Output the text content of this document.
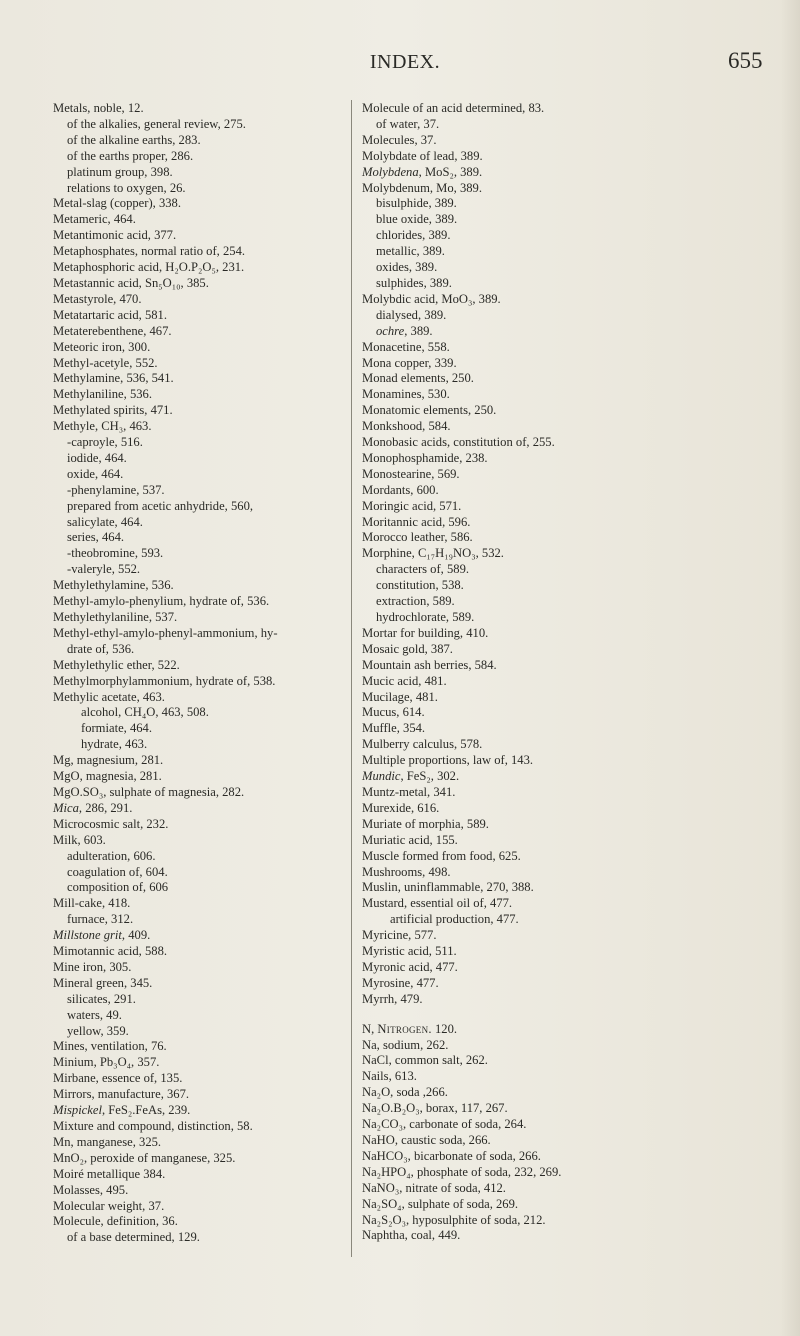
INDEX.	655
Metals, noble, 12.
of the alkalies, general review, 275.
of the alkaline earths, 283.
of the earths proper, 286.
platinum group, 398.
relations to oxygen, 26.
Metal-slag (copper), 338.
Metameric, 464.
Metantimonic acid, 377.
Metaphosphates, normal ratio of, 254.
Metaphosphoric acid, H₂O.P₂O₅, 231.
Metastannic acid, Sn₅O₁₀, 385.
Metastyrole, 470.
Metatartaric acid, 581.
Metaterebenthene, 467.
Meteoric iron, 300.
Methyl-acetyle, 552.
Methylamine, 536, 541.
Methylaniline, 536.
Methylated spirits, 471.
Methyle, CH₃, 463.
-caproyle, 516.
iodide, 464.
oxide, 464.
-phenylamine, 537.
prepared from acetic anhydride, 560,
salicylate, 464.
series, 464.
-theobromine, 593.
-valeryle, 552.
Methylethylamine, 536.
Methyl-amylo-phenylium, hydrate of, 536.
Methylethylaniline, 537.
Methyl-ethyl-amylo-phenyl-ammonium, hy-
drate of, 536.
Methylethylic ether, 522.
Methylmorphylammonium, hydrate of, 538.
Methylic acetate, 463.
alcohol, CH₄O, 463, 508.
formiate, 464.
hydrate, 463.
Mg, magnesium, 281.
MgO, magnesia, 281.
MgO.SO₃, sulphate of magnesia, 282.
Mica, 286, 291.
Microcosmic salt, 232.
Milk, 603.
adulteration, 606.
coagulation of, 604.
composition of, 606
Mill-cake, 418.
furnace, 312.
Millstone grit, 409.
Mimotannic acid, 588.
Mine iron, 305.
Mineral green, 345.
silicates, 291.
waters, 49.
yellow, 359.
Mines, ventilation, 76.
Minium, Pb₃O₄, 357.
Mirbane, essence of, 135.
Mirrors, manufacture, 367.
Mispickel, FeS₂.FeAs, 239.
Mixture and compound, distinction, 58.
Mn, manganese, 325.
MnO₂, peroxide of manganese, 325.
Moiré metallique 384.
Molasses, 495.
Molecular weight, 37.
Molecule, definition, 36.
of a base determined, 129.
Molecule of an acid determined, 83.
of water, 37.
Molecules, 37.
Molybdate of lead, 389.
Molybdena, MoS₂, 389.
Molybdenum, Mo, 389.
bisulphide, 389.
blue oxide, 389.
chlorides, 389.
metallic, 389.
oxides, 389.
sulphides, 389.
Molybdic acid, MoO₃, 389.
dialysed, 389.
ochre, 389.
Monacetine, 558.
Mona copper, 339.
Monad elements, 250.
Monamines, 530.
Monatomic elements, 250.
Monkshood, 584.
Monobasic acids, constitution of, 255.
Monophosphamide, 238.
Monostearine, 569.
Mordants, 600.
Moringic acid, 571.
Moritannic acid, 596.
Morocco leather, 586.
Morphine, C₁₇H₁₉NO₃, 532.
characters of, 589.
constitution, 538.
extraction, 589.
hydrochlorate, 589.
Mortar for building, 410.
Mosaic gold, 387.
Mountain ash berries, 584.
Mucic acid, 481.
Mucilage, 481.
Mucus, 614.
Muffle, 354.
Mulberry calculus, 578.
Multiple proportions, law of, 143.
Mundic, FeS₂, 302.
Muntz-metal, 341.
Murexide, 616.
Muriate of morphia, 589.
Muriatic acid, 155.
Muscle formed from food, 625.
Mushrooms, 498.
Muslin, uninflammable, 270, 388.
Mustard, essential oil of, 477.
artificial production, 477.
Myricine, 577.
Myristic acid, 511.
Myronic acid, 477.
Myrosine, 477.
Myrrh, 479.
N, Nitrogen. 120.
Na, sodium, 262.
NaCl, common salt, 262.
Nails, 613.
Na₂O, soda ,266.
Na₂O.B₂O₃, borax, 117, 267.
Na₂CO₃, carbonate of soda, 264.
NaHO, caustic soda, 266.
NaHCO₃, bicarbonate of soda, 266.
Na₂HPO₄, phosphate of soda, 232, 269.
NaNO₃, nitrate of soda, 412.
Na₂SO₄, sulphate of soda, 269.
Na₂S₂O₃, hyposulphite of soda, 212.
Naphtha, coal, 449.
